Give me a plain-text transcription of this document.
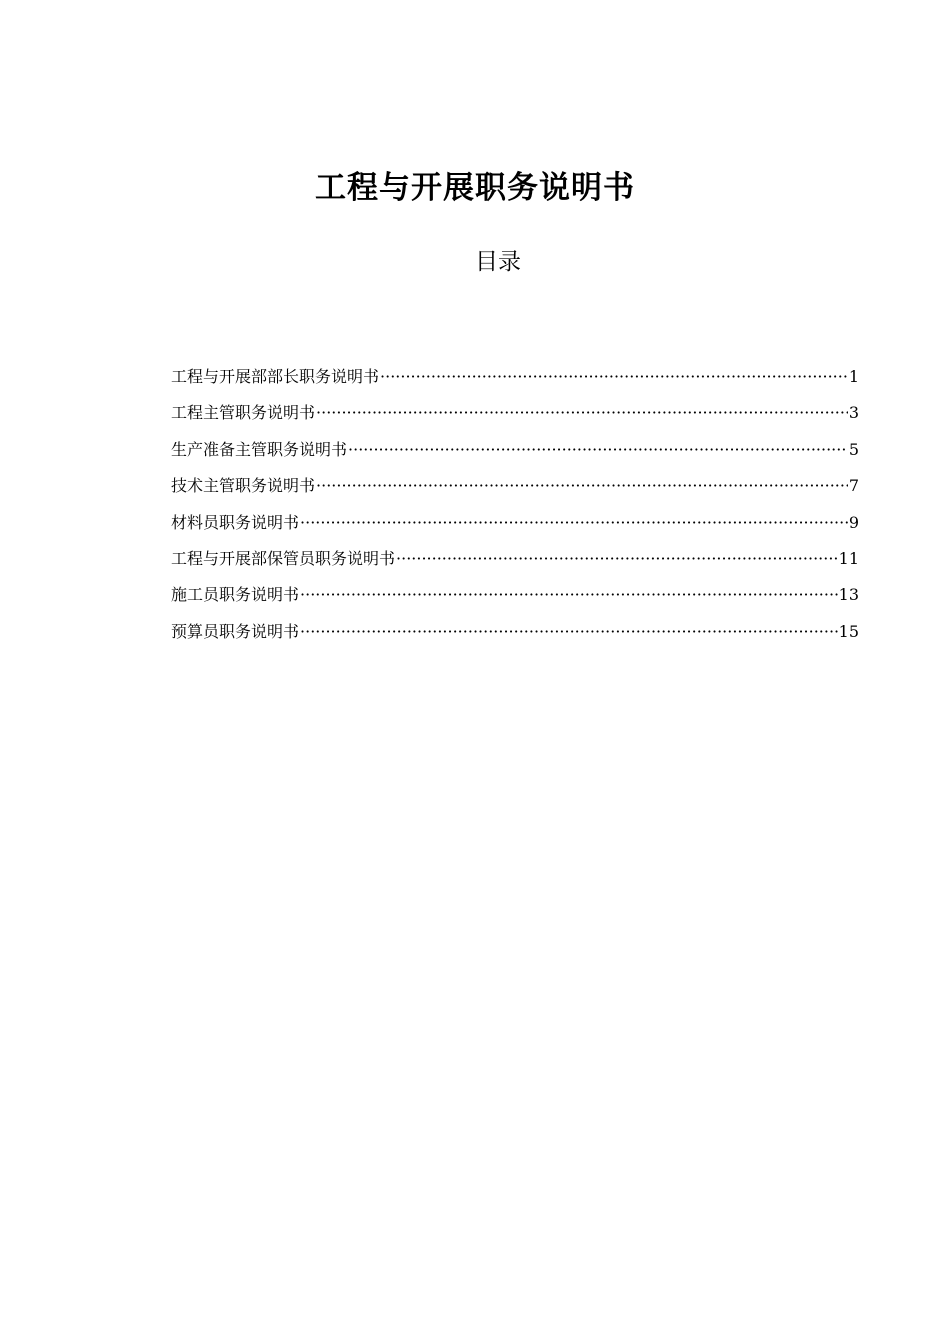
工程与开展职务说明书
目录
工程与开展部部长职务说明书 ·····	1
工程主管职务说明书 ·····	3
生产准备主管职务说明书 ·····	5
技术主管职务说明书 ·····	7
材料员职务说明书 ·····	9
工程与开展部保管员职务说明书 ·····	11
施工员职务说明书 ·····	13
预算员职务说明书 ·····	15
